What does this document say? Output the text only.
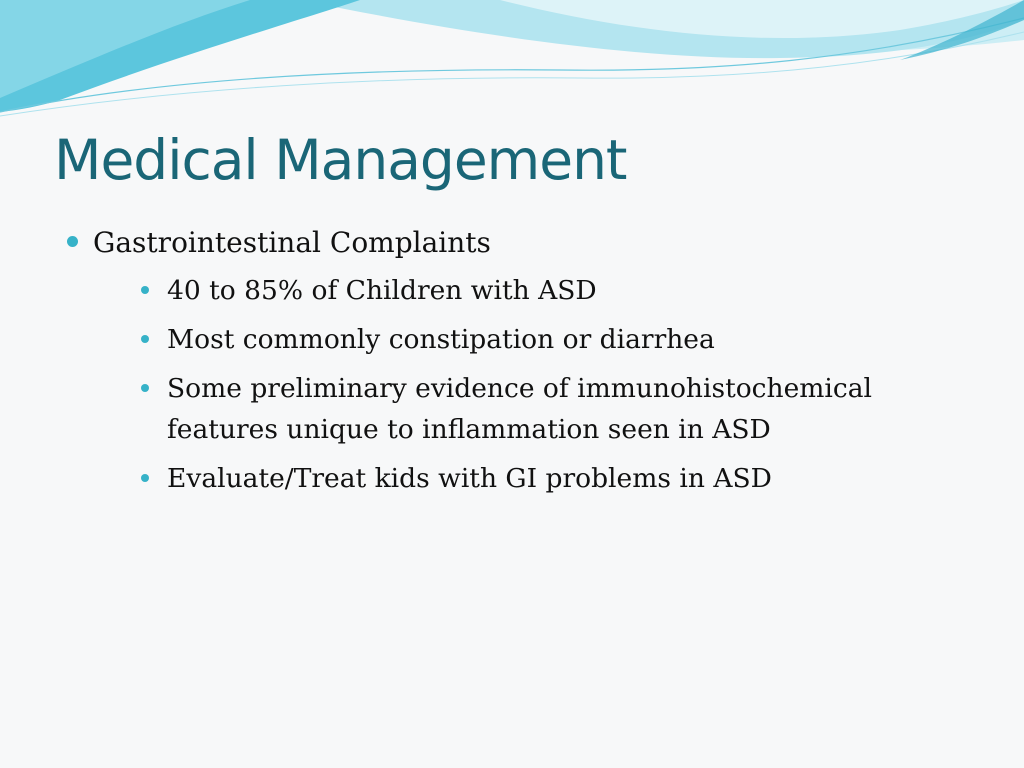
Medical Management
Gastrointestinal Complaints
40 to 85% of Children with ASD
Most commonly constipation or diarrhea
Some preliminary evidence of immunohistochemical features unique to inflammation seen in ASD
Evaluate/Treat kids with GI problems in ASD
